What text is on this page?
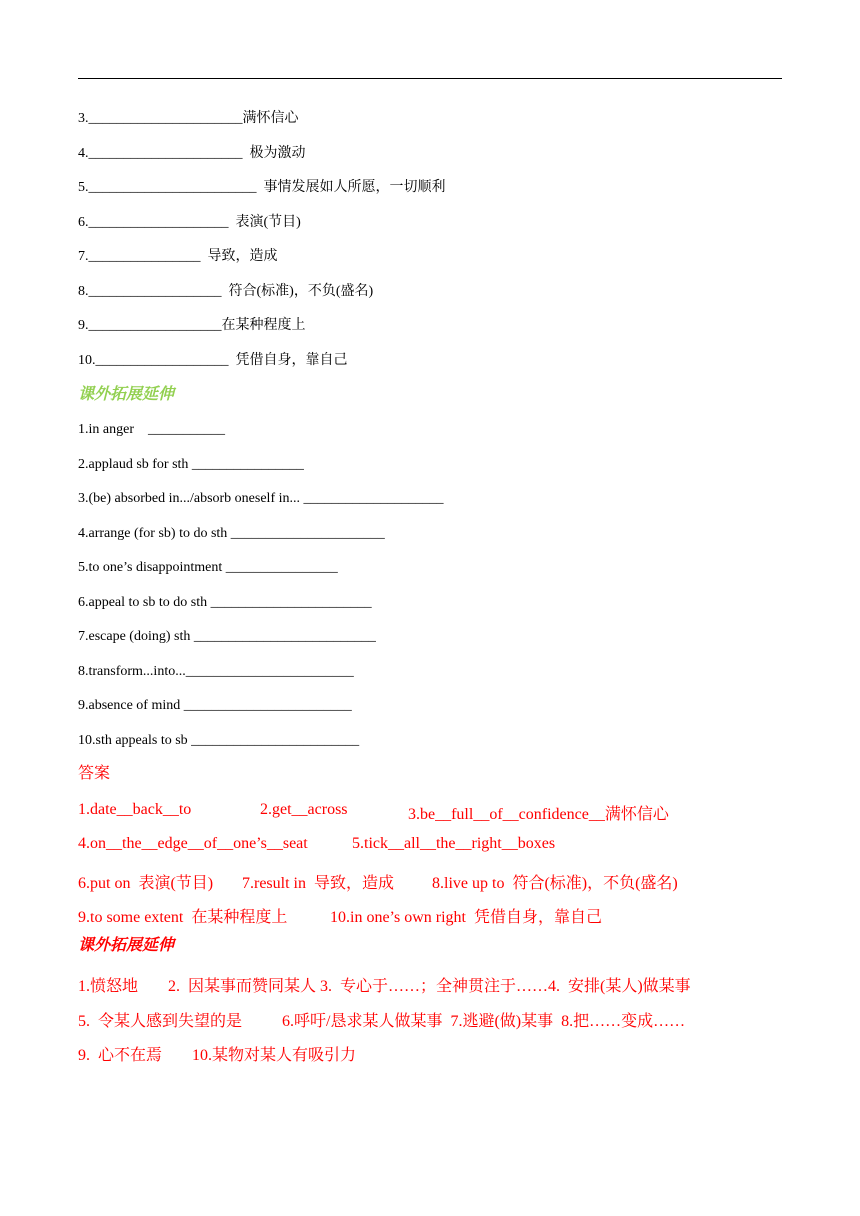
3.______________________满怀信心
4.______________________  极为激动
5.________________________  事情发展如人所愿，一切顺利
6.____________________  表演(节目)
7.________________  导致，造成
8.___________________  符合(标准)，不负(盛名)
9.___________________在某种程度上
10.___________________  凭借自身，靠自己
课外拓展延伸
1.in anger    ___________
2.applaud sb for sth ________________
3.(be) absorbed in.../absorb oneself in... ____________________
4.arrange (for sb) to do sth ______________________
5.to one’s disappointment ________________
6.appeal to sb to do sth _______________________
7.escape (doing) sth __________________________
8.transform...into...________________________
9.absence of mind ________________________
10.sth appeals to sb ________________________
答案
1.date__back__to	2.get__across	3.be__full__of__confidence__满怀信心
4.on__the__edge__of__one’s__seat	5.tick__all__the__right__boxes
6.put on  表演(节目) 7.result in  导致，造成 8.live up to  符合(标准)，不负(盛名)
9.to some extent  在某种程度上	10.in one’s own right  凭借自身，靠自己
课外拓展延伸
1.愤怒地 2.  因某事而赞同某人 3.  专心于……；全神贯注于……4.  安排(某人)做某事
5.  令某人感到失望的是 6.呼吁/恳求某人做某事  7.逃避(做)某事  8.把……变成……
9.  心不在焉 10.某物对某人有吸引力
